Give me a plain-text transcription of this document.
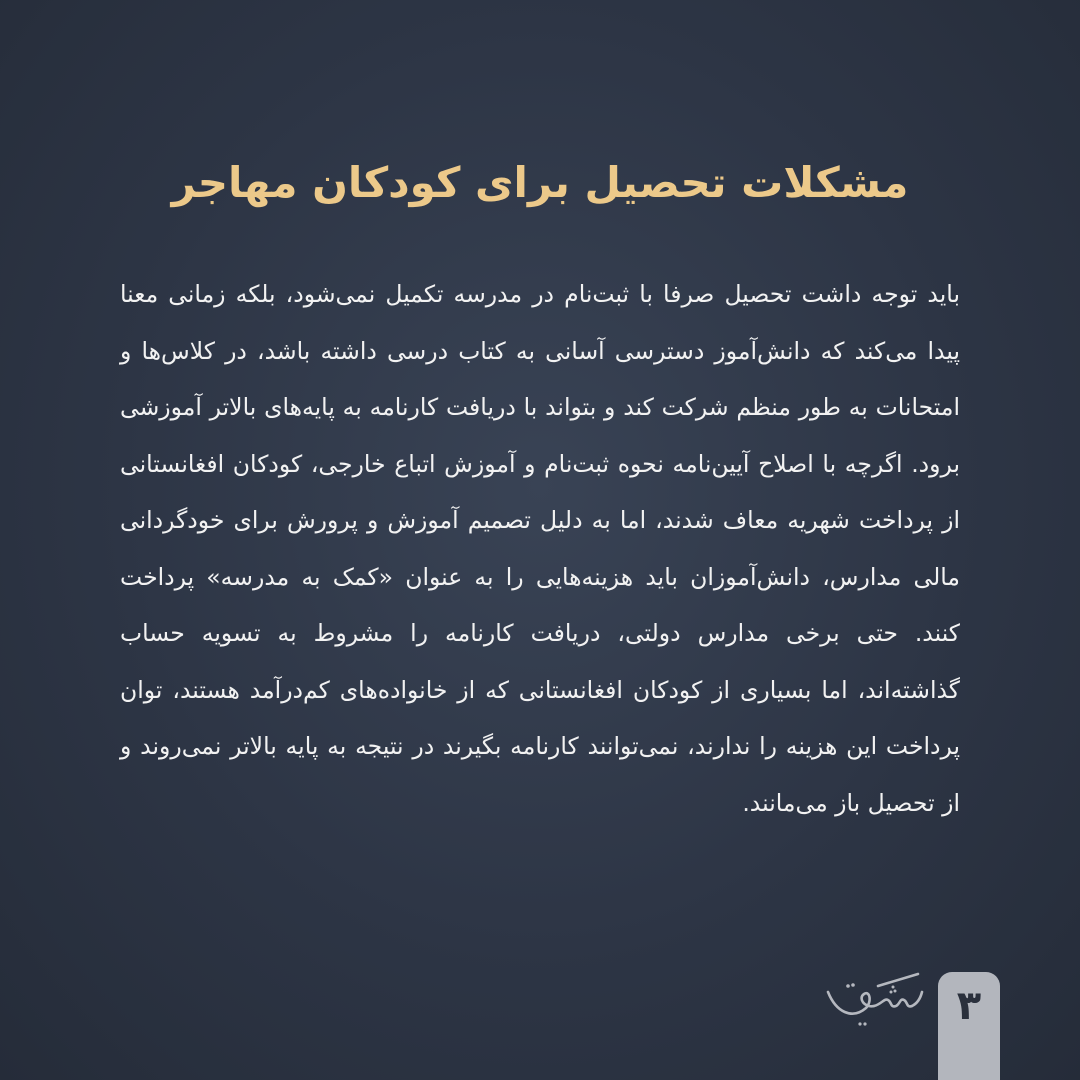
مشکلات تحصیل برای کودکان مهاجر

باید توجه داشت تحصیل صرفا با ثبت‌نام در مدرسه تکمیل نمی‌شود، بلکه زمانی معنا پیدا می‌کند که دانش‌آموز دسترسی آسانی به کتاب درسی داشته باشد، در کلاس‌ها و امتحانات به طور منظم شرکت کند و بتواند با دریافت کارنامه به پایه‌های بالاتر آموزشی برود. اگرچه با اصلاح آیین‌نامه نحوه ثبت‌نام و آموزش اتباع خارجی، کودکان افغانستانی از پرداخت شهریه معاف شدند، اما به دلیل تصمیم آموزش و پرورش برای خودگردانی مالی مدارس، دانش‌آموزان باید هزینه‌هایی را به عنوان «کمک به مدرسه» پرداخت کنند. حتی برخی مدارس دولتی، دریافت کارنامه را مشروط به تسویه حساب گذاشته‌اند، اما بسیاری از کودکان افغانستانی که از خانواده‌های کم‌درآمد هستند، توان پرداخت این هزینه را ندارند، نمی‌توانند کارنامه بگیرند در نتیجه به پایه بالاتر نمی‌روند و از تحصیل باز می‌مانند.

۳
